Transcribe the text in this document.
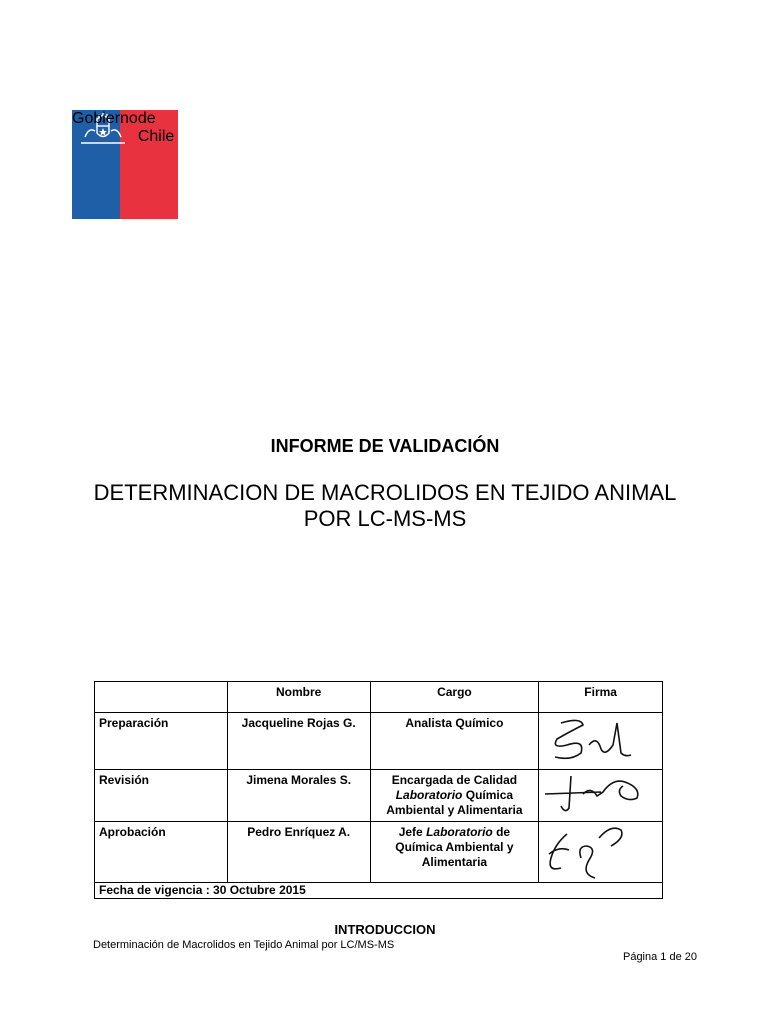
Gobierno de Chile
INFORME DE VALIDACIÓN
DETERMINACION DE MACROLIDOS EN TEJIDO ANIMAL
POR LC-MS-MS
	Nombre	Cargo	Firma
Preparación	Jacqueline Rojas G.	Analista Químico	

Revisión	Jimena Morales S.	Encargada de Calidad
Laboratorio Química
Ambiental y Alimentaria

Aprobación	Pedro Enríquez A.	Jefe Laboratorio de
Química Ambiental y
Alimentaria

Fecha de vigencia : 30 Octubre 2015			
INTRODUCCION
Determinación de Macrolidos en Tejido Animal por LC/MS-MS
Página 1 de 20
